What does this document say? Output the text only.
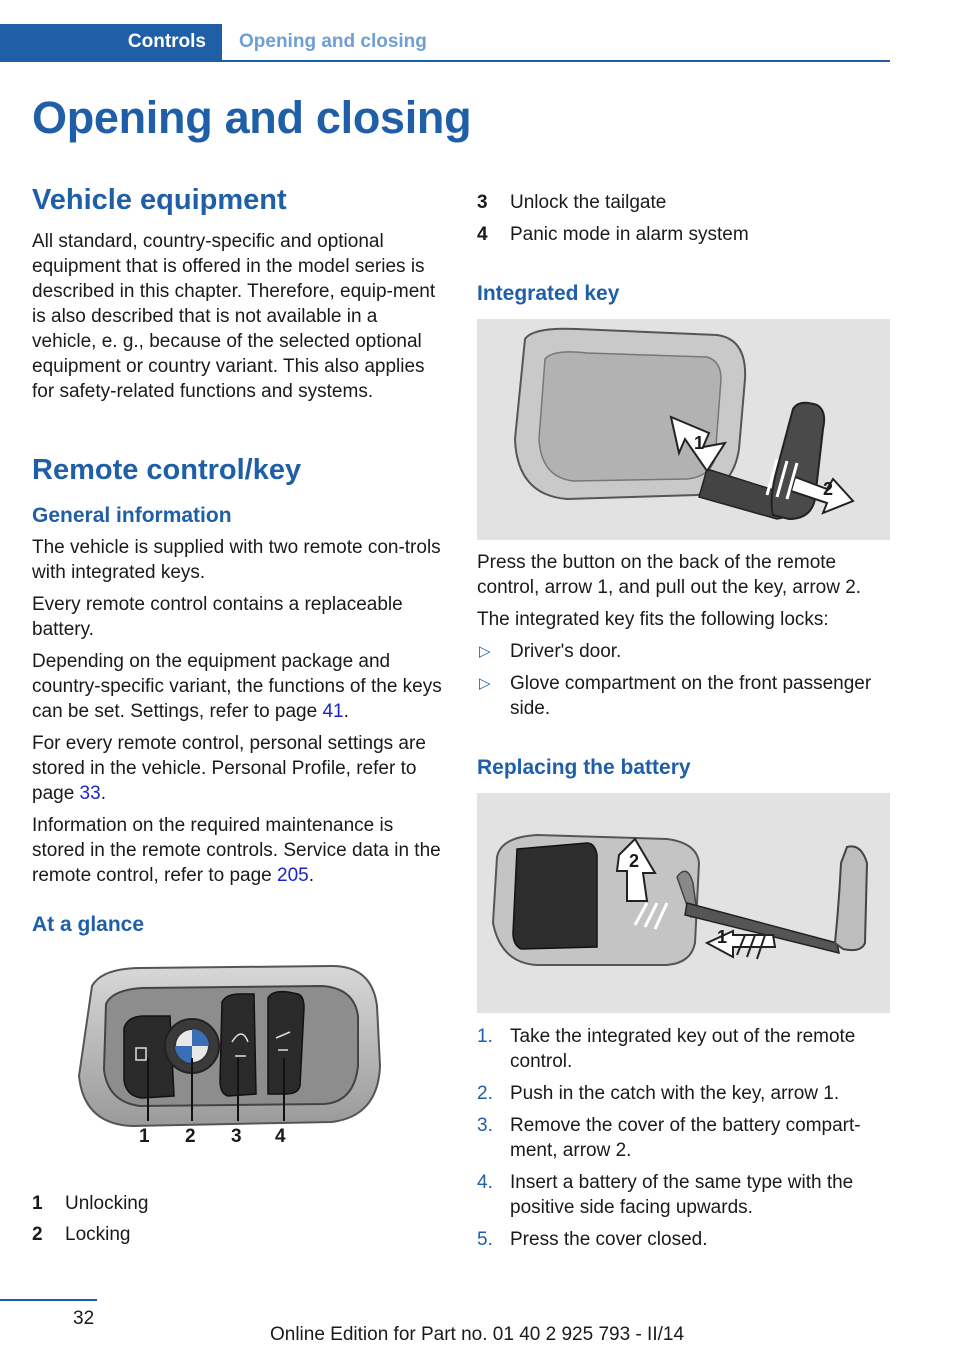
Controls Opening and closing
Opening and closing
Vehicle equipment

All standard, country-specific and optional equipment that is offered in the model series is described in this chapter. Therefore, equip-ment is also described that is not available in a vehicle, e. g., because of the selected optional equipment or country variant. This also applies for safety-related functions and systems.

Remote control/key
General information

The vehicle is supplied with two remote con-trols with integrated keys.

Every remote control contains a replaceable battery.

Depending on the equipment package and country-specific variant, the functions of the keys can be set. Settings, refer to page 41.

For every remote control, personal settings are stored in the vehicle. Personal Profile, refer to page 33.

Information on the required maintenance is stored in the remote controls. Service data in the remote control, refer to page 205.

At a glance
1 2 3 4
1 Unlocking
2 Locking
3 Unlock the tailgate
4 Panic mode in alarm system
Integrated key
1
2

Press the button on the back of the remote control, arrow 1, and pull out the key, arrow 2.

The integrated key fits the following locks:

▷ Driver's door.
▷ Glove compartment on the front passenger side.
Replacing the battery
2
1
1. Take the integrated key out of the remote control.
2. Push in the catch with the key, arrow 1.
3. Remove the cover of the battery compart-ment, arrow 2.
4. Insert a battery of the same type with the positive side facing upwards.
5. Press the cover closed.
32
Online Edition for Part no. 01 40 2 925 793 - II/14
